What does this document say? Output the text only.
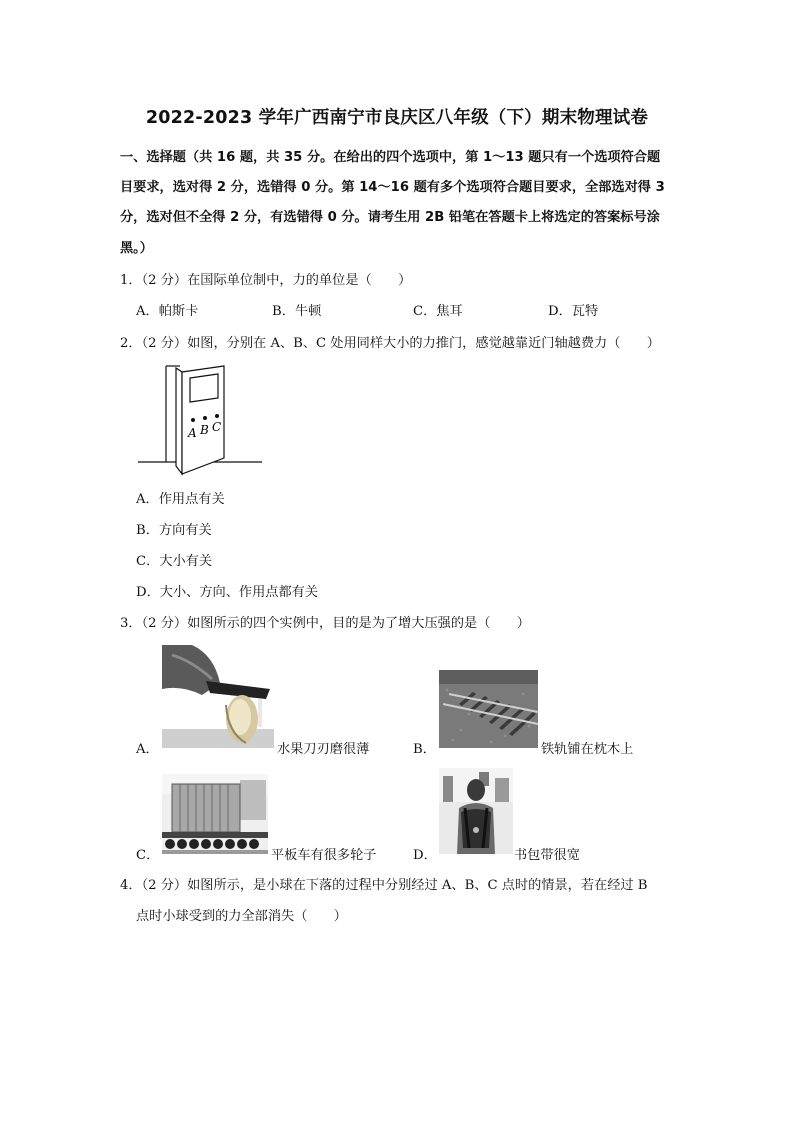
2022-2023 学年广西南宁市良庆区八年级（下）期末物理试卷
一、选择题（共 16 题，共 35 分。在给出的四个选项中，第 1～13 题只有一个选项符合题
目要求，选对得 2 分，选错得 0 分。第 14～16 题有多个选项符合题目要求，全部选对得 3
分，选对但不全得 2 分，有选错得 0 分。请考生用 2B 铅笔在答题卡上将选定的答案标号涂
黑。）
1．（2 分）在国际单位制中，力的单位是（　　）
A．帕斯卡	B．牛顿	C．焦耳	D．瓦特
2．（2 分）如图，分别在 A、B、C 处用同样大小的力推门，感觉越靠近门轴越费力（　　）
A B C
A．作用点有关
B．方向有关
C．大小有关
D．大小、方向、作用点都有关
3．（2 分）如图所示的四个实例中，目的是为了增大压强的是（　　）
A．	水果刀刃磨很薄	B．	铁轨铺在枕木上
C．	平板车有很多轮子	D．	书包带很宽
4．（2 分）如图所示，是小球在下落的过程中分别经过 A、B、C 点时的情景，若在经过 B
点时小球受到的力全部消失（　　）
